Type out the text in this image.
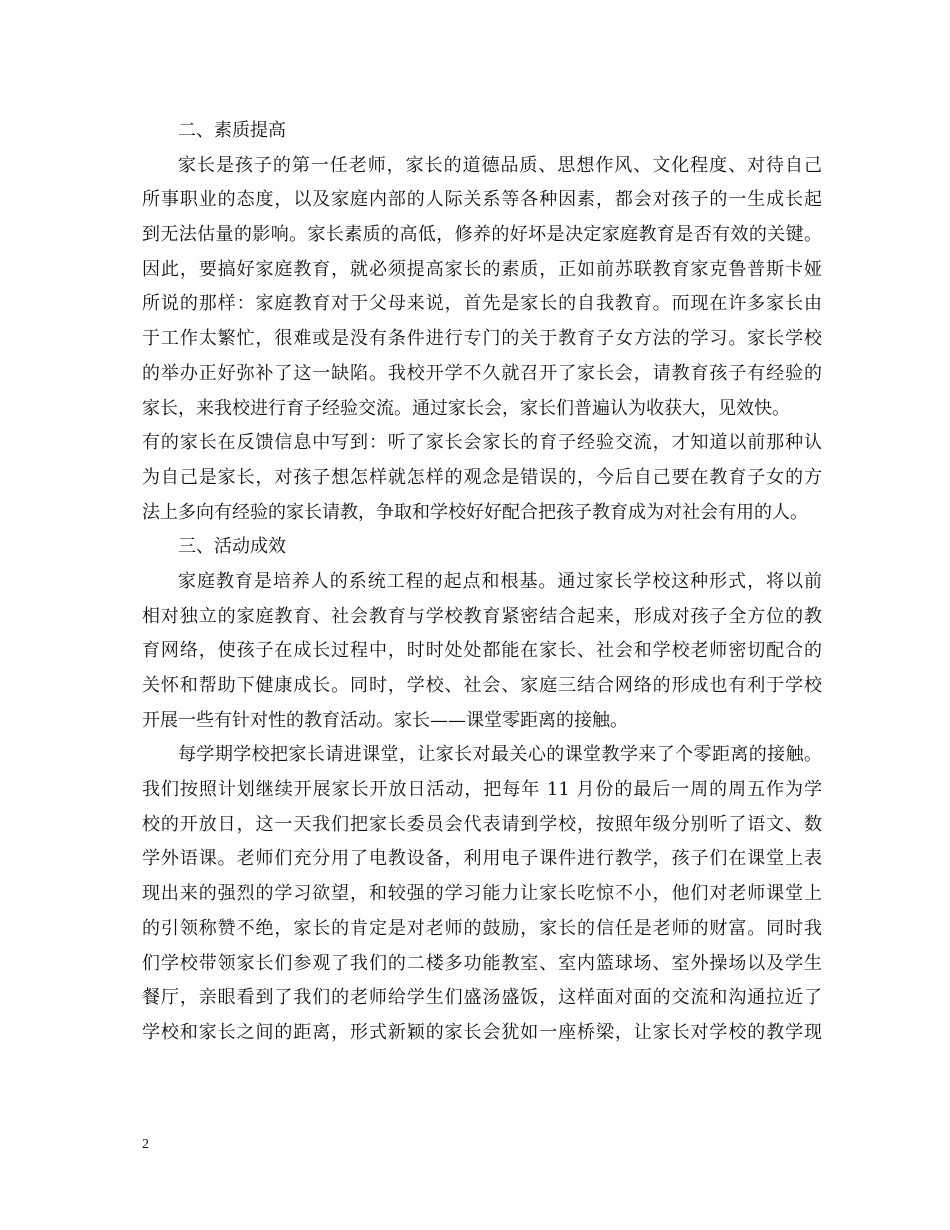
二、素质提高
家长是孩子的第一任老师，家长的道德品质、思想作风、文化程度、对待自己
所事职业的态度，以及家庭内部的人际关系等各种因素，都会对孩子的一生成长起
到无法估量的影响。家长素质的高低，修养的好坏是决定家庭教育是否有效的关键。
因此，要搞好家庭教育，就必须提高家长的素质，正如前苏联教育家克鲁普斯卡娅
所说的那样：家庭教育对于父母来说，首先是家长的自我教育。而现在许多家长由
于工作太繁忙，很难或是没有条件进行专门的关于教育子女方法的学习。家长学校
的举办正好弥补了这一缺陷。我校开学不久就召开了家长会，请教育孩子有经验的
家长，来我校进行育子经验交流。通过家长会，家长们普遍认为收获大，见效快。
有的家长在反馈信息中写到：听了家长会家长的育子经验交流，才知道以前那种认
为自己是家长，对孩子想怎样就怎样的观念是错误的，今后自己要在教育子女的方
法上多向有经验的家长请教，争取和学校好好配合把孩子教育成为对社会有用的人。
三、活动成效
家庭教育是培养人的系统工程的起点和根基。通过家长学校这种形式，将以前
相对独立的家庭教育、社会教育与学校教育紧密结合起来，形成对孩子全方位的教
育网络，使孩子在成长过程中，时时处处都能在家长、社会和学校老师密切配合的
关怀和帮助下健康成长。同时，学校、社会、家庭三结合网络的形成也有利于学校
开展一些有针对性的教育活动。家长——课堂零距离的接触。
每学期学校把家长请进课堂，让家长对最关心的课堂教学来了个零距离的接触。
我们按照计划继续开展家长开放日活动，把每年 11 月份的最后一周的周五作为学
校的开放日，这一天我们把家长委员会代表请到学校，按照年级分别听了语文、数
学外语课。老师们充分用了电教设备，利用电子课件进行教学，孩子们在课堂上表
现出来的强烈的学习欲望，和较强的学习能力让家长吃惊不小，他们对老师课堂上
的引领称赞不绝，家长的肯定是对老师的鼓励，家长的信任是老师的财富。同时我
们学校带领家长们参观了我们的二楼多功能教室、室内篮球场、室外操场以及学生
餐厅，亲眼看到了我们的老师给学生们盛汤盛饭，这样面对面的交流和沟通拉近了
学校和家长之间的距离，形式新颖的家长会犹如一座桥梁，让家长对学校的教学现
2
